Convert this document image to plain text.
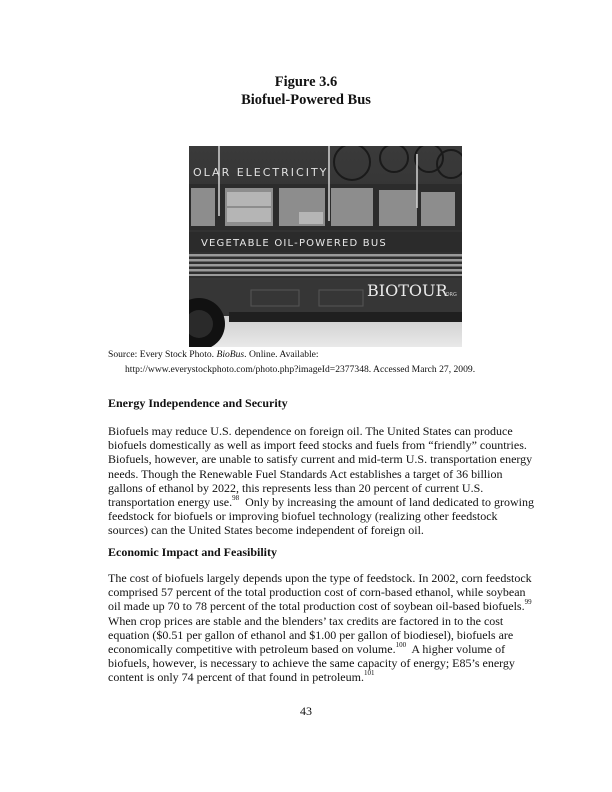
Figure 3.6
Biofuel-Powered Bus
OLAR ELECTRICITY
VEGETABLE OIL-POWERED BUS
BIOTOUR
.ORG
Source: Every Stock Photo. BioBus. Online. Available:
http://www.everystockphoto.com/photo.php?imageId=2377348. Accessed March 27, 2009.
Energy Independence and Security
Biofuels may reduce U.S. dependence on foreign oil. The United States can produce
biofuels domestically as well as import feed stocks and fuels from “friendly” countries.
Biofuels, however, are unable to satisfy current and mid-term U.S. transportation energy
needs. Though the Renewable Fuel Standards Act establishes a target of 36 billion
gallons of ethanol by 2022, this represents less than 20 percent of current U.S.
transportation energy use.$^{98}$  Only by increasing the amount of land dedicated to growing
feedstock for biofuels or improving biofuel technology (realizing other feedstock
sources) can the United States become independent of foreign oil.
Economic Impact and Feasibility
The cost of biofuels largely depends upon the type of feedstock. In 2002, corn feedstock
comprised 57 percent of the total production cost of corn-based ethanol, while soybean
oil made up 70 to 78 percent of the total production cost of soybean oil-based biofuels.$^{99}$
When crop prices are stable and the blenders’ tax credits are factored in to the cost
equation ($0.51 per gallon of ethanol and $1.00 per gallon of biodiesel), biofuels are
economically competitive with petroleum based on volume.$^{100}$  A higher volume of
biofuels, however, is necessary to achieve the same capacity of energy; E85’s energy
content is only 74 percent of that found in petroleum.$^{101}$
43
